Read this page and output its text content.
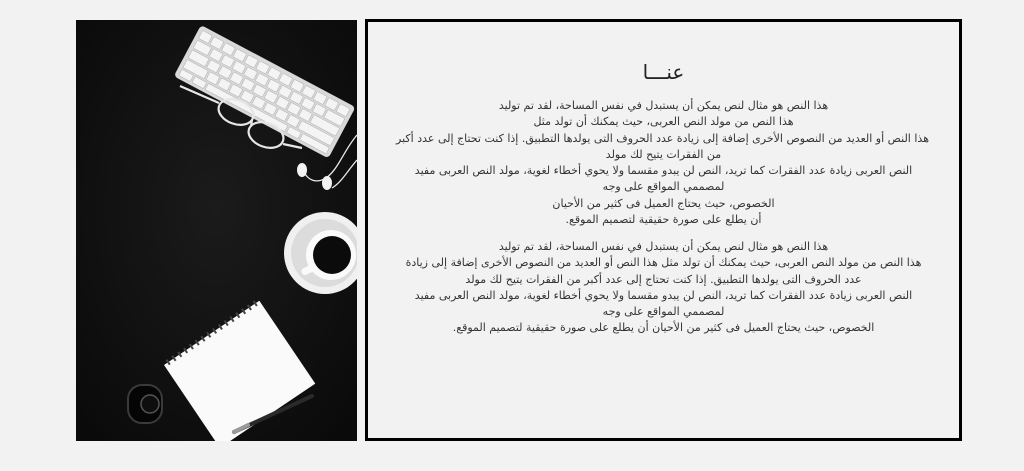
عنـــا

هذا النص هو مثال لنص يمكن أن يستبدل في نفس المساحة، لقد تم توليد
هذا النص من مولد النص العربى، حيث يمكنك أن تولد مثل
هذا النص أو العديد من النصوص الأخرى إضافة إلى زيادة عدد الحروف التى يولدها التطبيق. إذا كنت تحتاج إلى عدد أكبر
من الفقرات يتيح لك مولد
النص العربى زيادة عدد الفقرات كما تريد، النص لن يبدو مقسما ولا يحوي أخطاء لغوية، مولد النص العربى مفيد
لمصممي المواقع على وجه
الخصوص، حيث يحتاج العميل فى كثير من الأحيان
أن يطلع على صورة حقيقية لتصميم الموقع.

هذا النص هو مثال لنص يمكن أن يستبدل في نفس المساحة، لقد تم توليد
هذا النص من مولد النص العربى، حيث يمكنك أن تولد مثل هذا النص أو العديد من النصوص الأخرى إضافة إلى زيادة
عدد الحروف التى يولدها التطبيق. إذا كنت تحتاج إلى عدد أكبر من الفقرات يتيح لك مولد
النص العربى زيادة عدد الفقرات كما تريد، النص لن يبدو مقسما ولا يحوي أخطاء لغوية، مولد النص العربى مفيد
لمصممي المواقع على وجه
الخصوص، حيث يحتاج العميل فى كثير من الأحيان أن يطلع على صورة حقيقية لتصميم الموقع.
